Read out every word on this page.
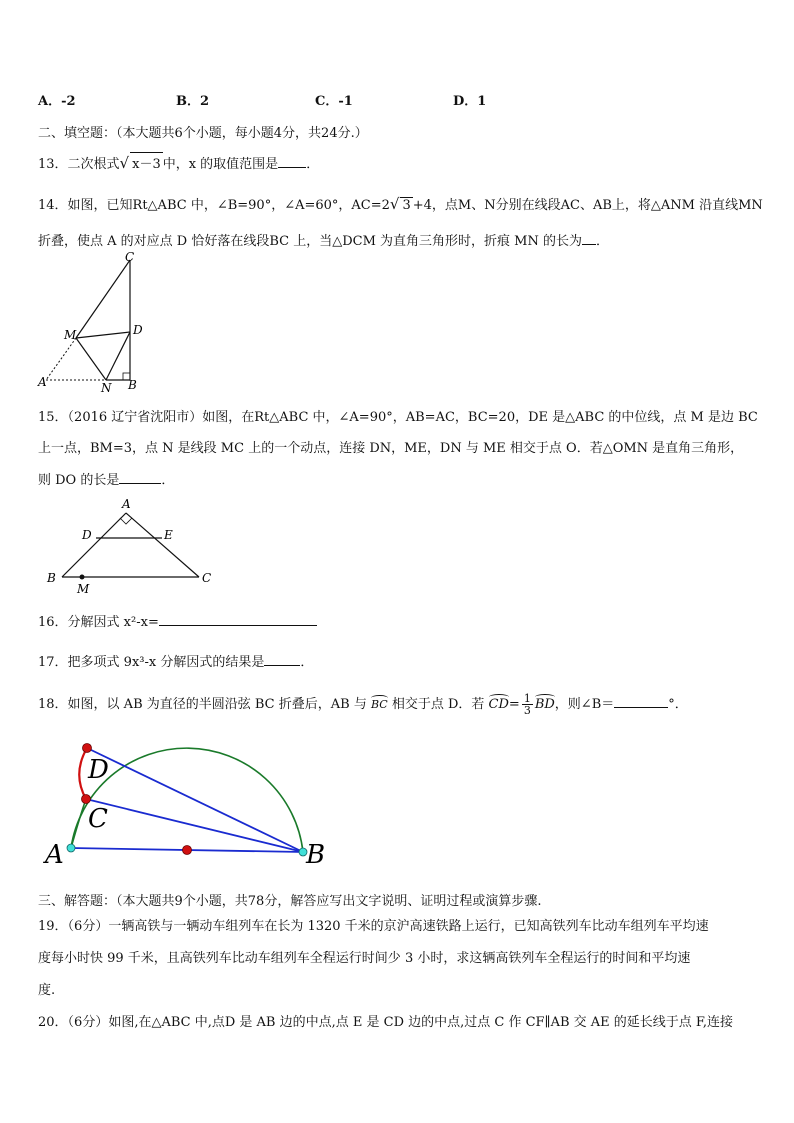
A．-2	B．2	C．-1	D．1
二、填空题：（本大题共6个小题，每小题4分，共24分.）
13．二次根式√ x－3 中，x 的取值范围是 ．
14．如图，已知Rt△ABC 中，∠B=90°，∠A=60°，AC=2√ 3 +4，点M、N分别在线段AC、AB上，将△ANM 沿直线MN
折叠，使点 A 的对应点 D 恰好落在线段BC 上，当△DCM 为直角三角形时，折痕 MN 的长为 ．
C
M	D
A	N B
15．（2016 辽宁省沈阳市）如图，在Rt△ABC 中，∠A=90°，AB=AC，BC=20，DE 是△ABC 的中位线，点 M 是边 BC
上一点，BM=3，点 N 是线段 MC 上的一个动点，连接 DN，ME，DN 与 ME 相交于点 O．若△OMN 是直角三角形，
则 DO 的长是	．
A
D	E
B	C
M
16．分解因式 x²-x=
17．把多项式 9x³-x 分解因式的结果是	．
18．如图，以 AB 为直径的半圆沿弦 BC 折叠后，AB 与 BC 相交于点 D．若 $CD= \frac{1}{3}$ BD，则∠B＝	°．
D
C
A	B
三、解答题：（本大题共9个小题，共78分，解答应写出文字说明、证明过程或演算步骤.
19．（6分）一辆高铁与一辆动车组列车在长为 1320 千米的京沪高速铁路上运行，已知高铁列车比动车组列车平均速
度每小时快 99 千米，且高铁列车比动车组列车全程运行时间少 3 小时，求这辆高铁列车全程运行的时间和平均速
度.
20．（6分）如图,在△ABC 中,点D 是 AB 边的中点,点 E 是 CD 边的中点,过点 C 作 CF∥AB 交 AE 的延长线于点 F,连接
